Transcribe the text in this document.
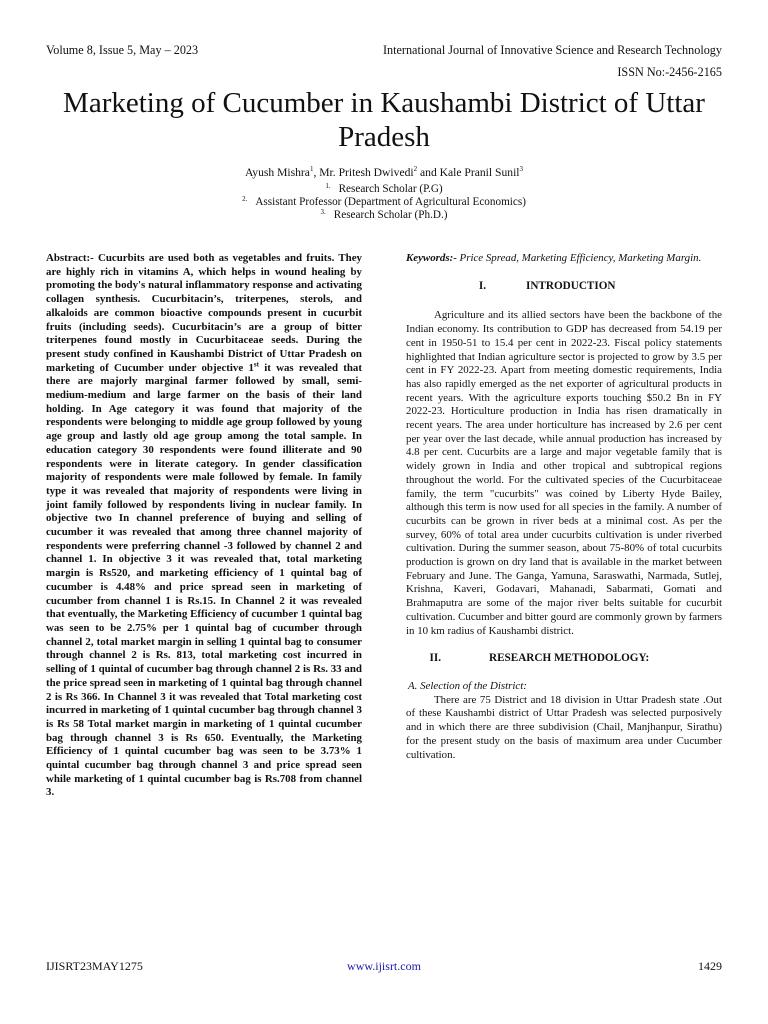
Volume 8, Issue 5, May – 2023	International Journal of Innovative Science and Research Technology
ISSN No:-2456-2165
Marketing of Cucumber in Kaushambi District of Uttar Pradesh
Ayush Mishra$^1$, Mr. Pritesh Dwivedi$^2$ and Kale Pranil Sunil$^3$
$^{1.}$ Research Scholar (P.G)
$^{2.}$ Assistant Professor (Department of Agricultural Economics)
$^{3.}$ Research Scholar (Ph.D.)
Abstract:- Cucurbits are used both as vegetables and fruits. They are highly rich in vitamins A, which helps in wound healing by promoting the body's natural inflammatory response and activating collagen synthesis. Cucurbitacin’s, triterpenes, sterols, and alkaloids are common bioactive compounds present in cucurbit fruits (including seeds). Cucurbitacin’s are a group of bitter triterpenes found mostly in Cucurbitaceae seeds. During the present study confined in Kaushambi District of Uttar Pradesh on marketing of Cucumber under objective 1st it was revealed that there are majorly marginal farmer followed by small, semi-medium-medium and large farmer on the basis of their land holding. In Age category it was found that majority of the respondents were belonging to middle age group followed by young age group and lastly old age group among the total sample. In education category 30 respondents were found illiterate and 90 respondents were in literate category. In gender classification majority of respondents were male followed by female. In family type it was revealed that majority of respondents were living in joint family followed by respondents living in nuclear family. In objective two In channel preference of buying and selling of cucumber it was revealed that among three channel majority of respondents were preferring channel -3 followed by channel 2 and channel 1. In objective 3 it was revealed that, total marketing margin is Rs520, and marketing efficiency of 1 quintal bag of cucumber is 4.48% and price spread seen in marketing of cucumber from channel 1 is Rs.15. In Channel 2 it was revealed that eventually, the Marketing Efficiency of cucumber 1 quintal bag was seen to be 2.75% per 1 quintal bag of cucumber through channel 2, total market margin in selling 1 quintal bag to consumer through channel 2 is Rs. 813, total marketing cost incurred in selling of 1 quintal of cucumber bag through channel 2 is Rs. 33 and the price spread seen in marketing of 1 quintal bag through channel 2 is Rs 366. In Channel 3 it was revealed that Total marketing cost incurred in marketing of 1 quintal cucumber bag through channel 3 is Rs 58 Total market margin in marketing of 1 quintal cucumber bag through channel 3 is Rs 650. Eventually, the Marketing Efficiency of 1 quintal cucumber bag was seen to be 3.73% 1 quintal cucumber bag through channel 3 and price spread seen while marketing of 1 quintal cucumber bag is Rs.708 from channel 3.

Keywords:- Price Spread, Marketing Efficiency, Marketing Margin.

I.	INTRODUCTION

Agriculture and its allied sectors have been the backbone of the Indian economy. Its contribution to GDP has decreased from 54.19 per cent in 1950-51 to 15.4 per cent in 2022-23. Fiscal policy statements highlighted that Indian agriculture sector is projected to grow by 3.5 per cent in FY 2022-23. Apart from meeting domestic requirements, India has also rapidly emerged as the net exporter of agricultural products in recent years. With the agriculture exports touching $50.2 Bn in FY 2022-23. Horticulture production in India has risen dramatically in recent years. The area under horticulture has increased by 2.6 per cent per year over the last decade, while annual production has increased by 4.8 per cent. Cucurbits are a large and major vegetable family that is widely grown in India and other tropical and subtropical regions throughout the world. For the cultivated species of the Cucurbitaceae family, the term "cucurbits" was coined by Liberty Hyde Bailey, although this term is now used for all species in the family. A number of cucurbits can be grown in river beds at a minimal cost. As per the survey, 60% of total area under cucurbits cultivation is under riverbed cultivation. During the summer season, about 75-80% of total cucurbits production is grown on dry land that is available in the market between February and June. The Ganga, Yamuna, Saraswathi, Narmada, Sutlej, Krishna, Kaveri, Godavari, Mahanadi, Sabarmati, Gomati and Brahmaputra are some of the major river belts suitable for cucurbit cultivation. Cucumber and bitter gourd are commonly grown by farmers in 10 km radius of Kaushambi district.

II.	RESEARCH METHODOLOGY:

A. Selection of the District:

There are 75 District and 18 division in Uttar Pradesh state .Out of these Kaushambi district of Uttar Pradesh was selected purposively and in which there are three subdivision (Chail, Manjhanpur, Sirathu) for the present study on the basis of maximum area under Cucumber cultivation.

IJISRT23MAY1275	www.ijisrt.com	1429
